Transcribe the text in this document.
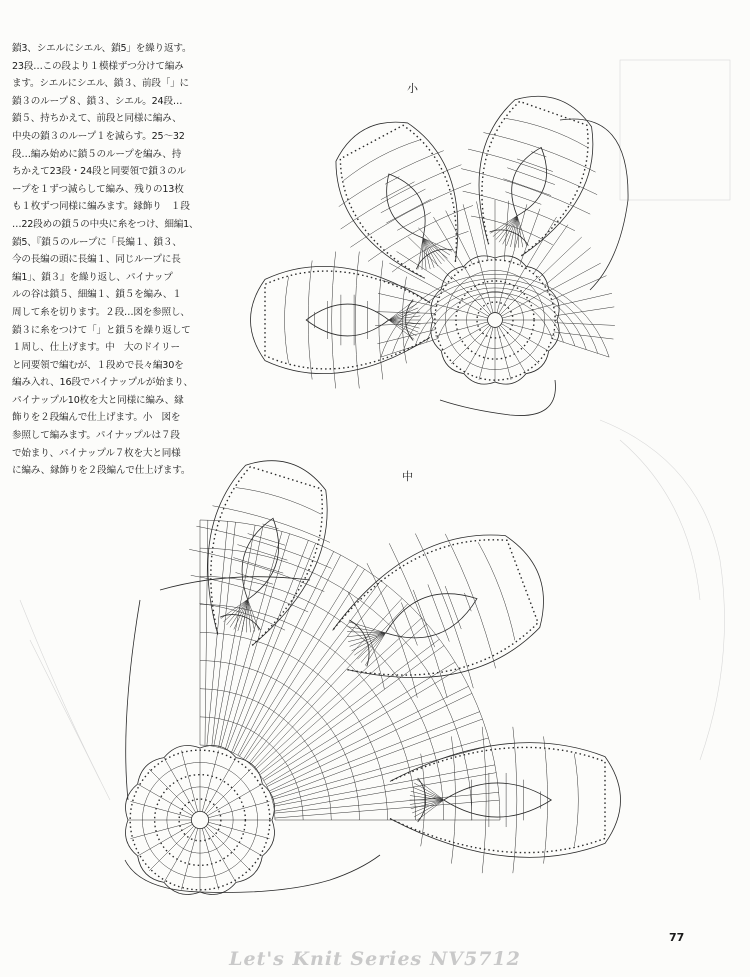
鎖3、シエルにシエル、鎖5」を繰り返す。
23段…この段より１模様ずつ分けて編み
ます。シエルにシエル、鎖３、前段「」に
鎖３のループ８、鎖３、シエル。24段…
鎖５、持ちかえて、前段と同様に編み、
中央の鎖３のループ１を減らす。25～32
段…編み始めに鎖５のループを編み、持
ちかえて23段・24段と同要領で鎖３のル
ープを１ずつ減らして編み、残りの13枚
も１枚ずつ同様に編みます。縁飾り　１段
…22段めの鎖５の中央に糸をつけ、細編1、
鎖5、『鎖５のループに「長編１、鎖３、
今の長編の頭に長編１、同じループに長
編1」、鎖３』を繰り返し、パイナップ
ルの谷は鎖５、細編１、鎖５を編み、１
周して糸を切ります。２段…図を参照し、
鎖３に糸をつけて「」と鎖５を繰り返して
１周し、仕上げます。中　大のドイリー
と同要領で編むが、１段めで長々編30を
編み入れ、16段でパイナップルが始まり、
パイナップル10枚を大と同様に編み、縁
飾りを２段編んで仕上げます。小　図を
参照して編みます。パイナップルは７段
で始まり、パイナップル７枚を大と同様
に編み、縁飾りを２段編んで仕上げます。
小
中
77
Let's Knit Series NV5712
